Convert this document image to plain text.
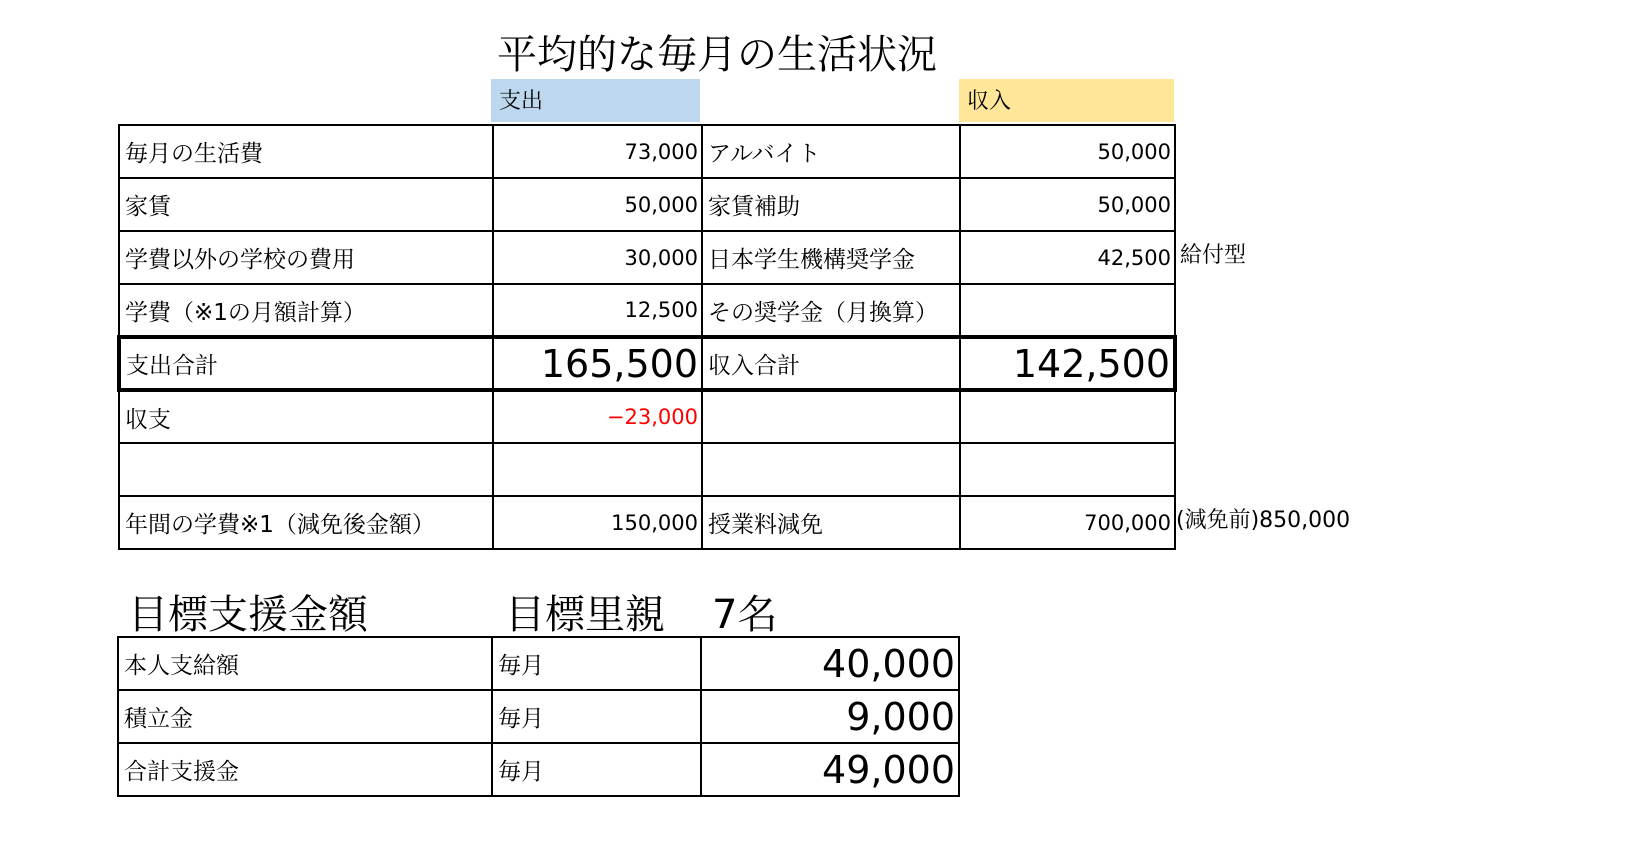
平均的な毎月の生活状況
支出	収入
毎月の生活費	73,000	アルバイト	50,000
家賃	50,000	家賃補助	50,000
学費以外の学校の費用	30,000	日本学生機構奨学金	42,500
学費（※1の月額計算）	12,500	その奨学金（月換算）	
支出合計	165,500	収入合計	142,500
収支	−23,000		

年間の学費※1（減免後金額）	150,000	授業料減免	700,000
給付型
(減免前)850,000
目標支援金額	目標里親 7名
本人支給額	毎月	40,000
積立金	毎月	9,000
合計支援金	毎月	49,000
